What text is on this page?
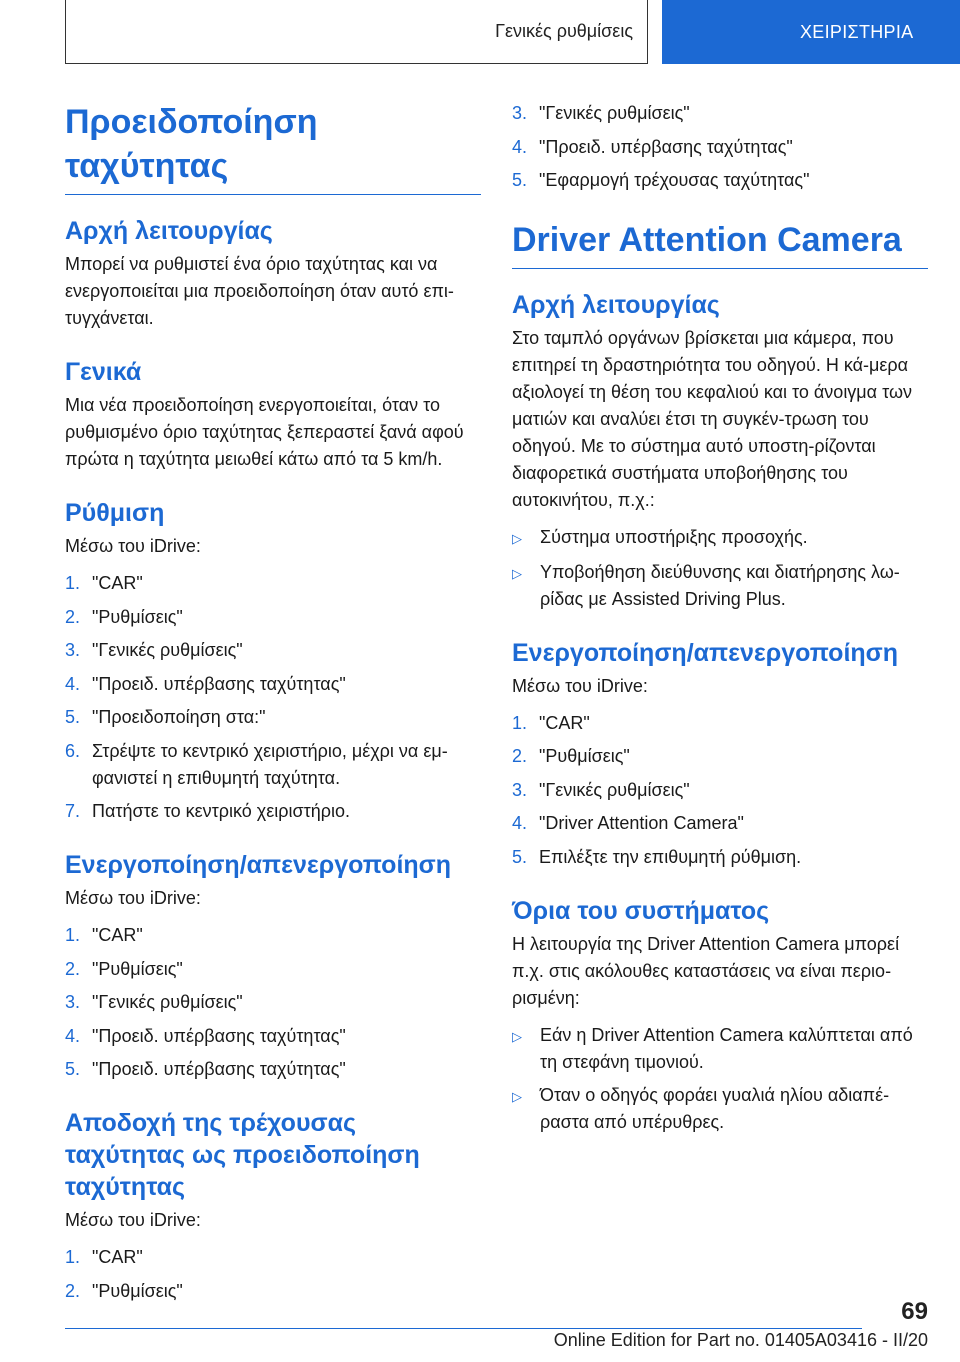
Γενικές ρυθμίσεις	ΧΕΙΡΙΣΤΗΡΙΑ
Προειδοποίηση ταχύτητας
Αρχή λειτουργίας
Μπορεί να ρυθμιστεί ένα όριο ταχύτητας και να ενεργοποιείται μια προειδοποίηση όταν αυτό επι‐τυγχάνεται.
Γενικά
Μια νέα προειδοποίηση ενεργοποιείται, όταν το ρυθμισμένο όριο ταχύτητας ξεπεραστεί ξανά αφού πρώτα η ταχύτητα μειωθεί κάτω από τα 5 km/h.
Ρύθμιση
Μέσω του iDrive:
1. "CAR"
2. "Ρυθμίσεις"
3. "Γενικές ρυθμίσεις"
4. "Προειδ. υπέρβασης ταχύτητας"
5. "Προειδοποίηση στα:"
6. Στρέψτε το κεντρικό χειριστήριο, μέχρι να εμ‐φανιστεί η επιθυμητή ταχύτητα.
7. Πατήστε το κεντρικό χειριστήριο.
Ενεργοποίηση/απενεργοποίηση
Μέσω του iDrive:
1. "CAR"
2. "Ρυθμίσεις"
3. "Γενικές ρυθμίσεις"
4. "Προειδ. υπέρβασης ταχύτητας"
5. "Προειδ. υπέρβασης ταχύτητας"
Αποδοχή της τρέχουσας ταχύτητας ως προειδοποίηση ταχύτητας
Μέσω του iDrive:
1. "CAR"
2. "Ρυθμίσεις"
3. "Γενικές ρυθμίσεις"
4. "Προειδ. υπέρβασης ταχύτητας"
5. "Εφαρμογή τρέχουσας ταχύτητας"
Driver Attention Camera
Αρχή λειτουργίας
Στο ταμπλό οργάνων βρίσκεται μια κάμερα, που επιτηρεί τη δραστηριότητα του οδηγού. Η κά‐μερα αξιολογεί τη θέση του κεφαλιού και το άνοιγμα των ματιών και αναλύει έτσι τη συγκέν‐τρωση του οδηγού. Με το σύστημα αυτό υποστη‐ρίζονται διαφορετικά συστήματα υποβοήθησης του αυτοκινήτου, π.χ.:
▷	Σύστημα υποστήριξης προσοχής.
▷	Υποβοήθηση διεύθυνσης και διατήρησης λω‐ρίδας με Assisted Driving Plus.
Ενεργοποίηση/απενεργοποίηση
Μέσω του iDrive:
1. "CAR"
2. "Ρυθμίσεις"
3. "Γενικές ρυθμίσεις"
4. "Driver Attention Camera"
5. Επιλέξτε την επιθυμητή ρύθμιση.
Όρια του συστήματος
Η λειτουργία της Driver Attention Camera μπορεί π.χ. στις ακόλουθες καταστάσεις να είναι περιο‐ρισμένη:
▷	Εάν η Driver Attention Camera καλύπτεται από τη στεφάνη τιμονιού.
▷	Όταν ο οδηγός φοράει γυαλιά ηλίου αδιαπέ‐ραστα από υπέρυθρες.
69
Online Edition for Part no. 01405A03416 - II/20
